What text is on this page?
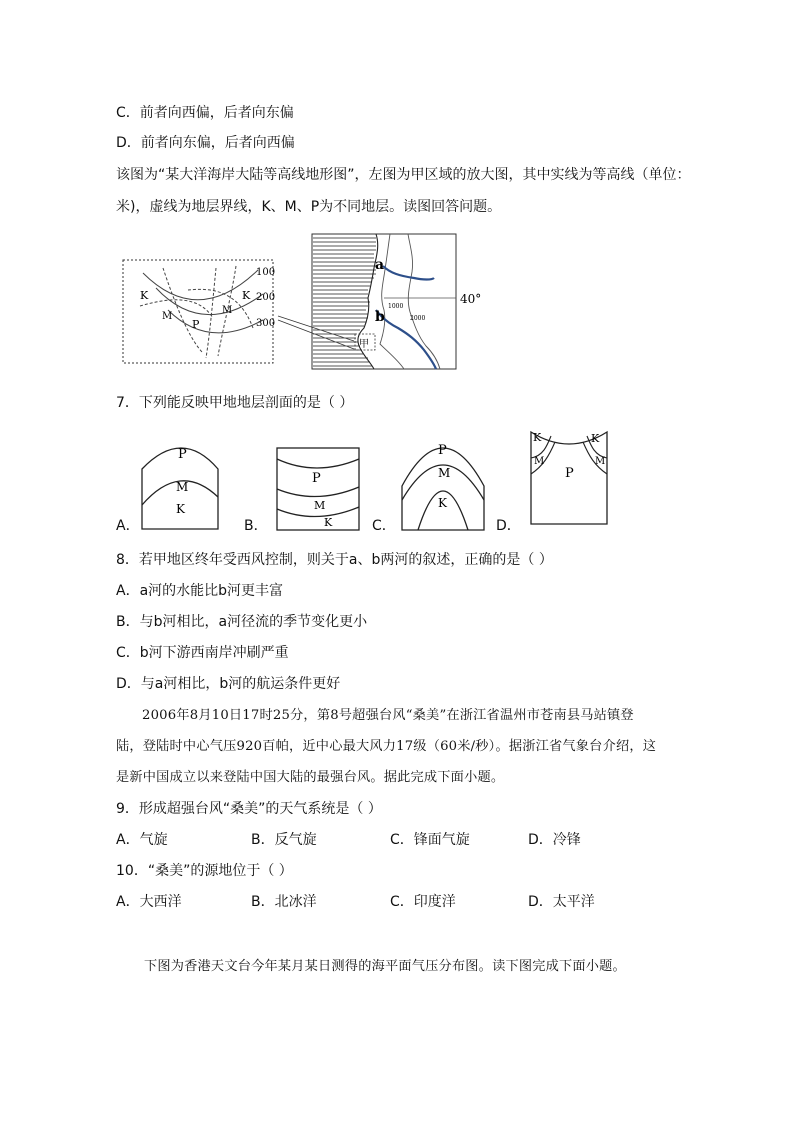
C．前者向西偏，后者向东偏
D．前者向东偏，后者向西偏
该图为“某大洋海岸大陆等高线地形图”，左图为甲区域的放大图，其中实线为等高线（单位：
米)，虚线为地层界线，K、M、P为不同地层。读图回答问题。
100
200
300
K
M
P
M
K
a
b
40°
1000
2000
甲
7．下列能反映甲地地层剖面的是（ ）
A．
P
M
K
B．
P
M
K	C．
P
M
K
D．
K	K
M	M
P
8．若甲地区终年受西风控制，则关于a、b两河的叙述，正确的是（ ）
A．a河的水能比b河更丰富
B．与b河相比，a河径流的季节变化更小
C．b河下游西南岸冲刷严重
D．与a河相比，b河的航运条件更好
2006年8月10日17时25分，第8号超强台风“桑美”在浙江省温州市苍南县马站镇登
陆，登陆时中心气压920百帕，近中心最大风力17级（60米/秒）。据浙江省气象台介绍，这
是新中国成立以来登陆中国大陆的最强台风。据此完成下面小题。
9．形成超强台风“桑美”的天气系统是（ ）
A．气旋	B．反气旋	C．锋面气旋	D．冷锋
10．“桑美”的源地位于（ ）
A．大西洋	B．北冰洋	C．印度洋	D．太平洋
下图为香港天文台今年某月某日测得的海平面气压分布图。读下图完成下面小题。
